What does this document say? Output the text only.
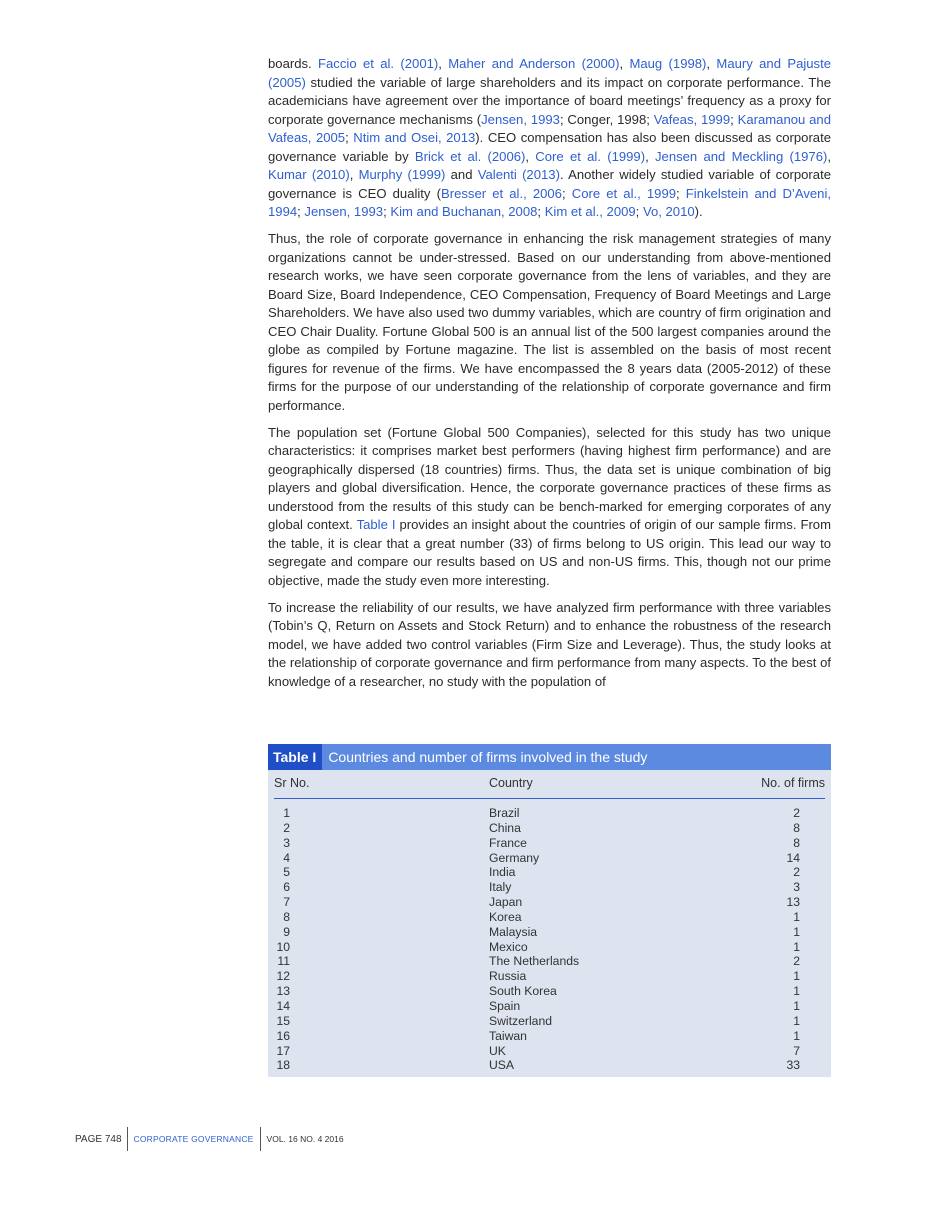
boards. Faccio et al. (2001), Maher and Anderson (2000), Maug (1998), Maury and Pajuste (2005) studied the variable of large shareholders and its impact on corporate performance. The academicians have agreement over the importance of board meetings’ frequency as a proxy for corporate governance mechanisms (Jensen, 1993; Conger, 1998; Vafeas, 1999; Karamanou and Vafeas, 2005; Ntim and Osei, 2013). CEO compensation has also been discussed as corporate governance variable by Brick et al. (2006), Core et al. (1999), Jensen and Meckling (1976), Kumar (2010), Murphy (1999) and Valenti (2013). Another widely studied variable of corporate governance is CEO duality (Bresser et al., 2006; Core et al., 1999; Finkelstein and D’Aveni, 1994; Jensen, 1993; Kim and Buchanan, 2008; Kim et al., 2009; Vo, 2010).

Thus, the role of corporate governance in enhancing the risk management strategies of many organizations cannot be under-stressed. Based on our understanding from above-mentioned research works, we have seen corporate governance from the lens of variables, and they are Board Size, Board Independence, CEO Compensation, Frequency of Board Meetings and Large Shareholders. We have also used two dummy variables, which are country of firm origination and CEO Chair Duality. Fortune Global 500 is an annual list of the 500 largest companies around the globe as compiled by Fortune magazine. The list is assembled on the basis of most recent figures for revenue of the firms. We have encompassed the 8 years data (2005-2012) of these firms for the purpose of our understanding of the relationship of corporate governance and firm performance.

The population set (Fortune Global 500 Companies), selected for this study has two unique characteristics: it comprises market best performers (having highest firm performance) and are geographically dispersed (18 countries) firms. Thus, the data set is unique combination of big players and global diversification. Hence, the corporate governance practices of these firms as understood from the results of this study can be bench-marked for emerging corporates of any global context. Table I provides an insight about the countries of origin of our sample firms. From the table, it is clear that a great number (33) of firms belong to US origin. This lead our way to segregate and compare our results based on US and non-US firms. This, though not our prime objective, made the study even more interesting.

To increase the reliability of our results, we have analyzed firm performance with three variables (Tobin’s Q, Return on Assets and Stock Return) and to enhance the robustness of the research model, we have added two control variables (Firm Size and Leverage). Thus, the study looks at the relationship of corporate governance and firm performance from many aspects. To the best of knowledge of a researcher, no study with the population of

Table I Countries and number of firms involved in the study
Sr No.	Country	No. of firms
1	Brazil	2
2	China	8
3	France	8
4	Germany	14
5	India	2
6	Italy	3
7	Japan	13
8	Korea	1
9	Malaysia	1
10	Mexico	1
11	The Netherlands	2
12	Russia	1
13	South Korea	1
14	Spain	1
15	Switzerland	1
16	Taiwan	1
17	UK	7
18	USA	33
PAGE 748	CORPORATE GOVERNANCE	VOL. 16 NO. 4 2016
